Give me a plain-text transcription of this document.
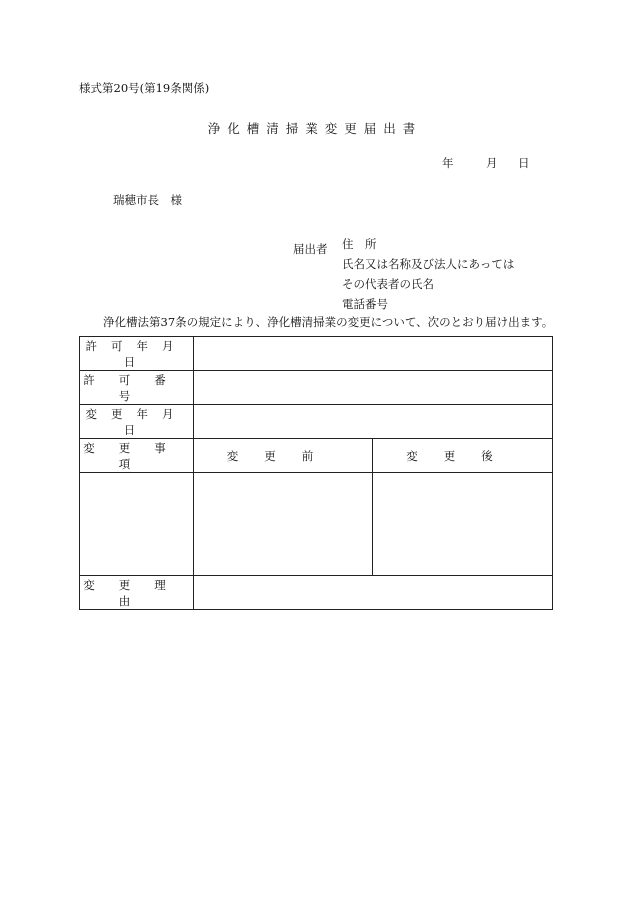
様式第20号(第19条関係)
浄化槽清掃業変更届出書
年	月	日
瑞穂市長　様
届出者 住　所
氏名又は名称及び法人にあっては
その代表者の氏名
電話番号
浄化槽法第37条の規定により、浄化槽清掃業の変更について、次のとおり届け出ます。
許可年月日		
許可番号		
変更年月日		
変更事項	変更前	変更後

変更理由		
